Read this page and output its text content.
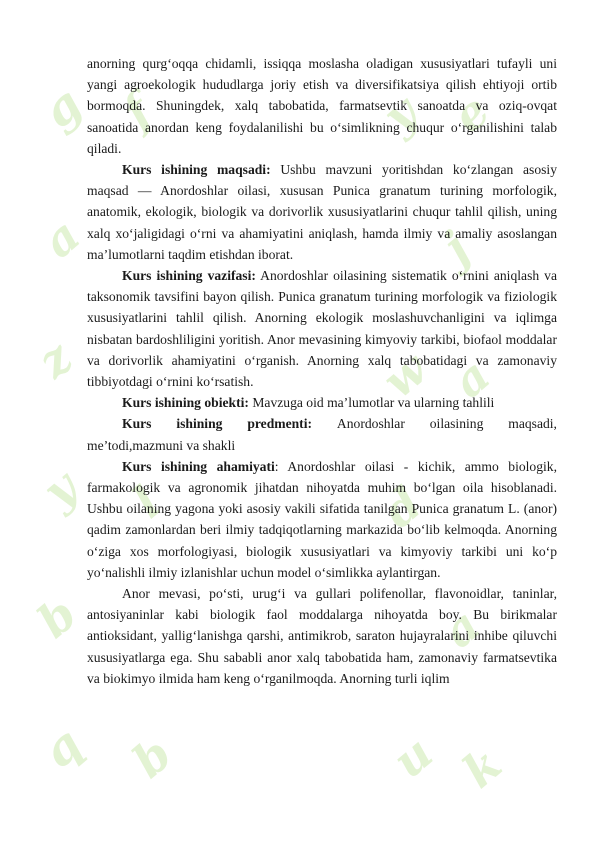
g f	y e
a	j
z	w a
y l	d
b	a
q b	u k

anorning qurg‘oqqa chidamli, issiqqa moslasha oladigan xususiyatlari tufayli uni yangi agroekologik hududlarga joriy etish va diversifikatsiya qilish ehtiyoji ortib bormoqda. Shuningdek, xalq tabobatida, farmatsevtik sanoatda va oziq-ovqat sanoatida anordan keng foydalanilishi bu o‘simlikning chuqur o‘rganilishini talab qiladi.

Kurs ishining maqsadi: Ushbu mavzuni yoritishdan ko‘zlangan asosiy maqsad — Anordoshlar oilasi, xususan Punica granatum turining morfologik, anatomik, ekologik, biologik va dorivorlik xususiyatlarini chuqur tahlil qilish, uning xalq xo‘jaligidagi o‘rni va ahamiyatini aniqlash, hamda ilmiy va amaliy asoslangan ma’lumotlarni taqdim etishdan iborat.

Kurs ishining vazifasi: Anordoshlar oilasining sistematik o‘rnini aniqlash va taksonomik tavsifini bayon qilish. Punica granatum turining morfologik va fiziologik xususiyatlarini tahlil qilish. Anorning ekologik moslashuvchanligini va iqlimga nisbatan bardoshliligini yoritish. Anor mevasining kimyoviy tarkibi, biofaol moddalar va dorivorlik ahamiyatini o‘rganish. Anorning xalq tabobatidagi va zamonaviy tibbiyotdagi o‘rnini ko‘rsatish.

Kurs ishining obiekti: Mavzuga oid ma’lumotlar va ularning tahlili

Kurs ishining predmenti: Anordoshlar oilasining maqsadi,

me’todi,mazmuni va shakli

Kurs ishining ahamiyati: Anordoshlar oilasi - kichik, ammo biologik, farmakologik va agronomik jihatdan nihoyatda muhim bo‘lgan oila hisoblanadi. Ushbu oilaning yagona yoki asosiy vakili sifatida tanilgan Punica granatum L. (anor) qadim zamonlardan beri ilmiy tadqiqotlarning markazida bo‘lib kelmoqda. Anorning o‘ziga xos morfologiyasi, biologik xususiyatlari va kimyoviy tarkibi uni ko‘p yo‘nalishli ilmiy izlanishlar uchun model o‘simlikka aylantirgan.

Anor mevasi, po‘sti, urug‘i va gullari polifenollar, flavonoidlar, taninlar, antosiyaninlar kabi biologik faol moddalarga nihoyatda boy. Bu birikmalar antioksidant, yallig‘lanishga qarshi, antimikrob, saraton hujayralarini inhibe qiluvchi xususiyatlarga ega. Shu sababli anor xalq tabobatida ham, zamonaviy farmatsevtika va biokimyo ilmida ham keng o‘rganilmoqda. Anorning turli iqlim
